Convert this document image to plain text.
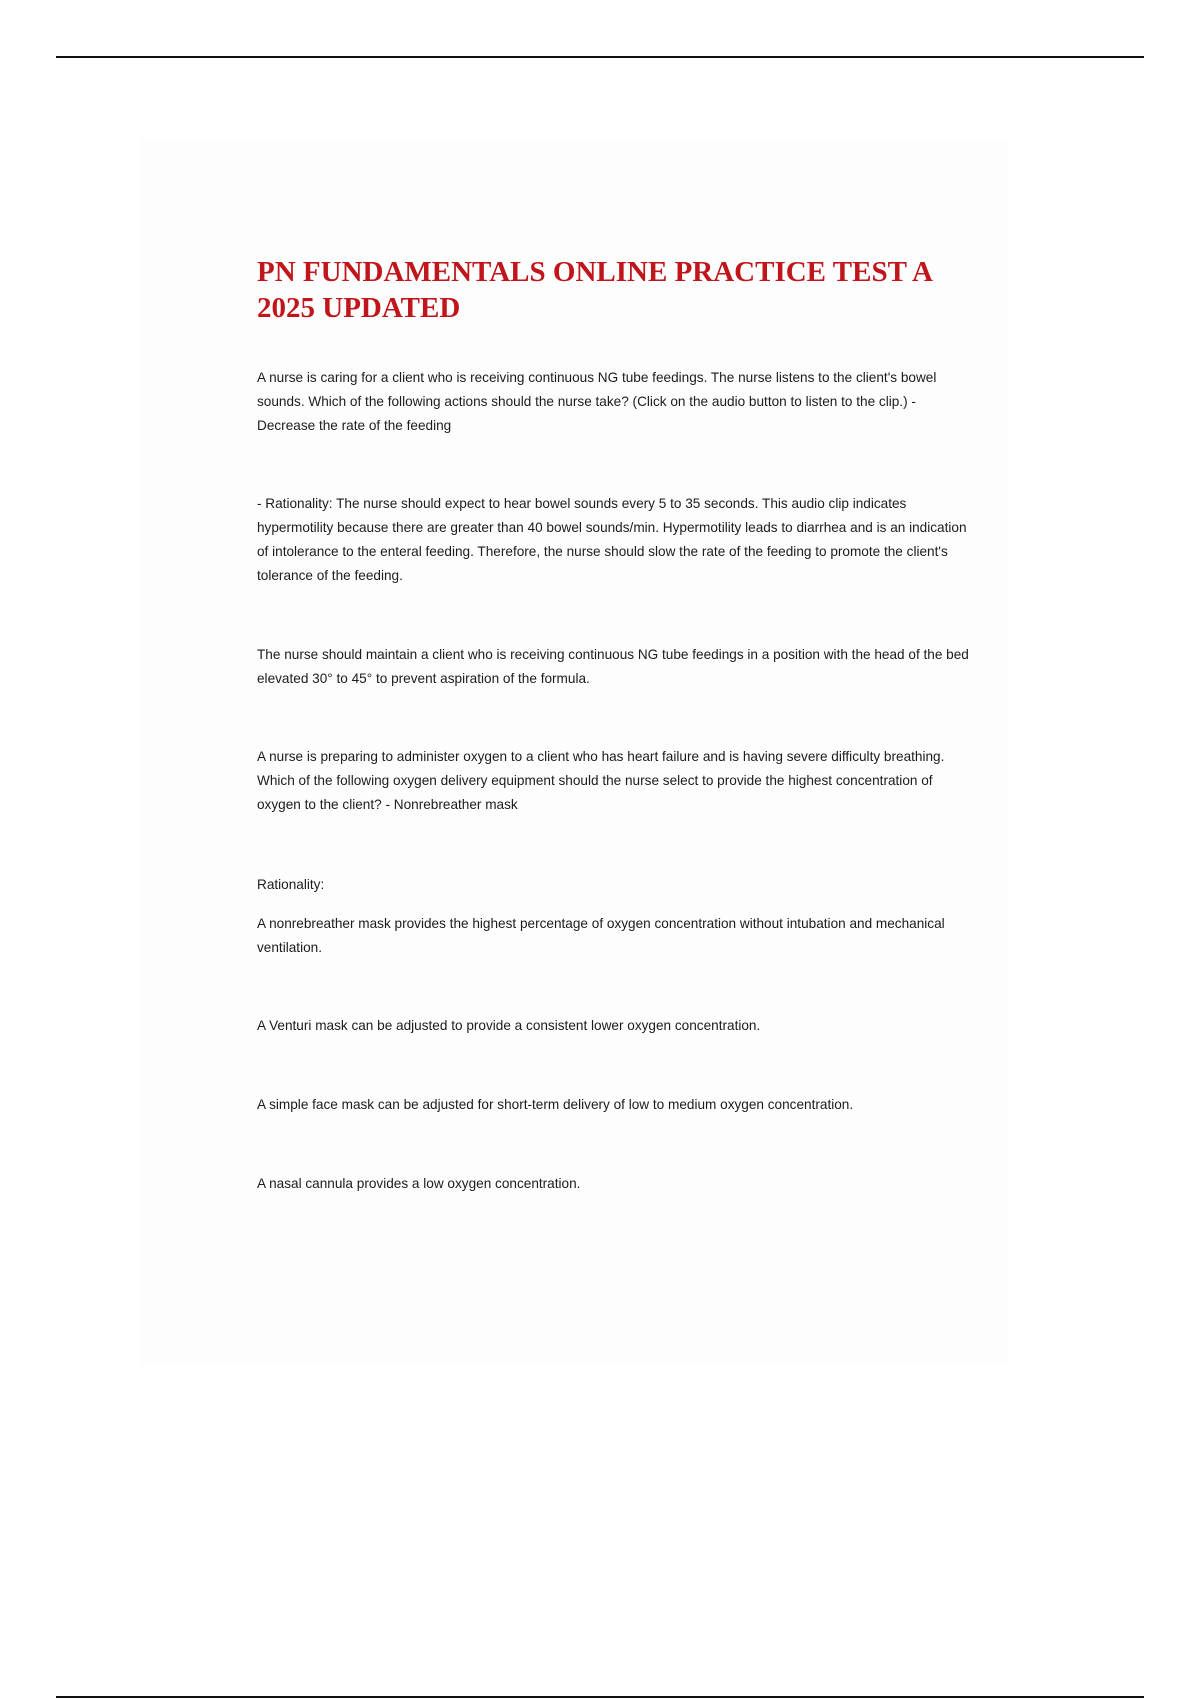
PN FUNDAMENTALS ONLINE PRACTICE TEST A 2025 UPDATED

A nurse is caring for a client who is receiving continuous NG tube feedings. The nurse listens to the client's bowel sounds. Which of the following actions should the nurse take? (Click on the audio button to listen to the clip.) - Decrease the rate of the feeding

- Rationality: The nurse should expect to hear bowel sounds every 5 to 35 seconds. This audio clip indicates hypermotility because there are greater than 40 bowel sounds/min. Hypermotility leads to diarrhea and is an indication of intolerance to the enteral feeding. Therefore, the nurse should slow the rate of the feeding to promote the client's tolerance of the feeding.

The nurse should maintain a client who is receiving continuous NG tube feedings in a position with the head of the bed elevated 30° to 45° to prevent aspiration of the formula.

A nurse is preparing to administer oxygen to a client who has heart failure and is having severe difficulty breathing. Which of the following oxygen delivery equipment should the nurse select to provide the highest concentration of oxygen to the client? - Nonrebreather mask

Rationality:

A nonrebreather mask provides the highest percentage of oxygen concentration without intubation and mechanical ventilation.

A Venturi mask can be adjusted to provide a consistent lower oxygen concentration.

A simple face mask can be adjusted for short-term delivery of low to medium oxygen concentration.

A nasal cannula provides a low oxygen concentration.
